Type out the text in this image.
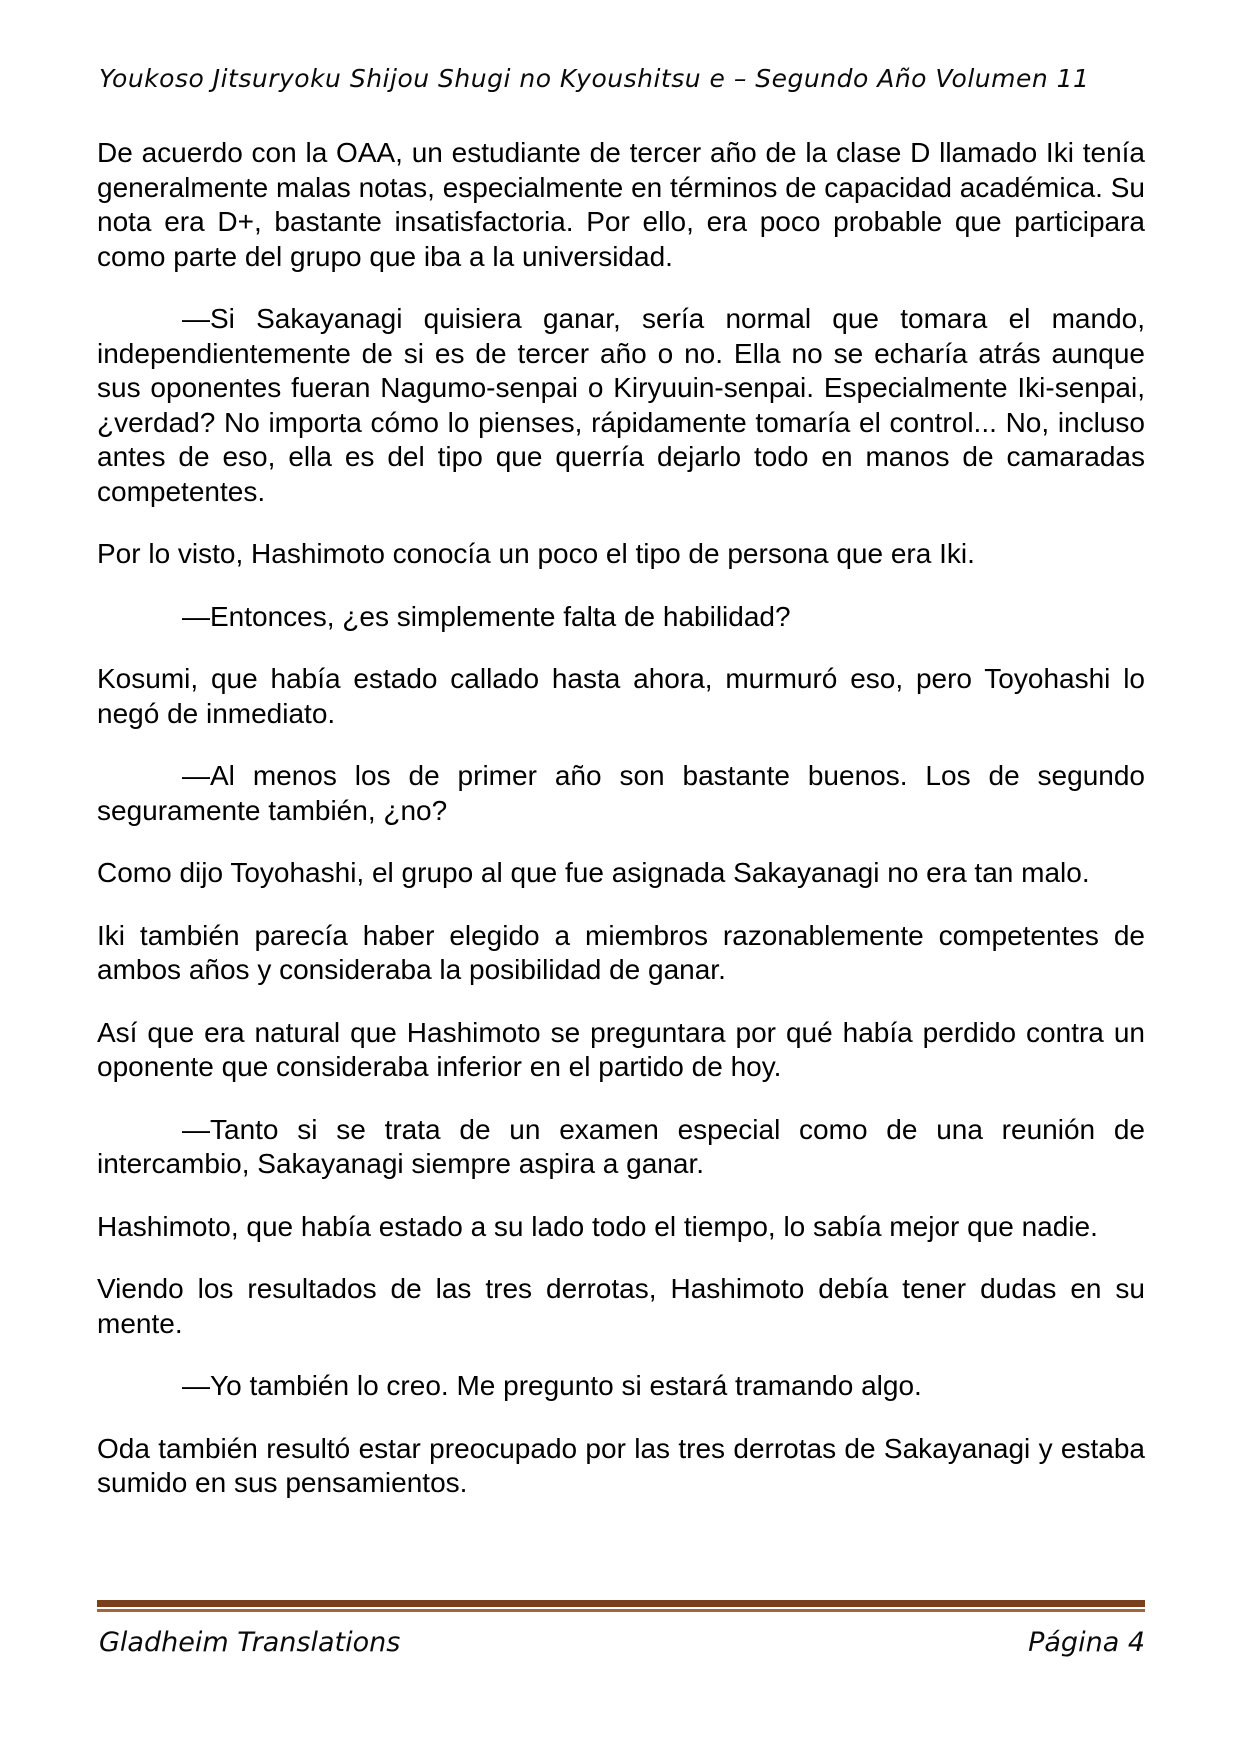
Youkoso Jitsuryoku Shijou Shugi no Kyoushitsu e – Segundo Año Volumen 11

De acuerdo con la OAA, un estudiante de tercer año de la clase D llamado Iki tenía generalmente malas notas, especialmente en términos de capacidad académica. Su nota era D+, bastante insatisfactoria. Por ello, era poco probable que participara como parte del grupo que iba a la universidad.

—Si Sakayanagi quisiera ganar, sería normal que tomara el mando, independientemente de si es de tercer año o no. Ella no se echaría atrás aunque sus oponentes fueran Nagumo-senpai o Kiryuuin-senpai. Especialmente Iki-senpai, ¿verdad? No importa cómo lo pienses, rápidamente tomaría el control... No, incluso antes de eso, ella es del tipo que querría dejarlo todo en manos de camaradas competentes.

Por lo visto, Hashimoto conocía un poco el tipo de persona que era Iki.

—Entonces, ¿es simplemente falta de habilidad?

Kosumi, que había estado callado hasta ahora, murmuró eso, pero Toyohashi lo negó de inmediato.

—Al menos los de primer año son bastante buenos. Los de segundo seguramente también, ¿no?

Como dijo Toyohashi, el grupo al que fue asignada Sakayanagi no era tan malo.

Iki también parecía haber elegido a miembros razonablemente competentes de ambos años y consideraba la posibilidad de ganar.

Así que era natural que Hashimoto se preguntara por qué había perdido contra un oponente que consideraba inferior en el partido de hoy.

—Tanto si se trata de un examen especial como de una reunión de intercambio, Sakayanagi siempre aspira a ganar.

Hashimoto, que había estado a su lado todo el tiempo, lo sabía mejor que nadie.

Viendo los resultados de las tres derrotas, Hashimoto debía tener dudas en su mente.

—Yo también lo creo. Me pregunto si estará tramando algo.

Oda también resultó estar preocupado por las tres derrotas de Sakayanagi y estaba sumido en sus pensamientos.

Gladheim Translations	Página 4
